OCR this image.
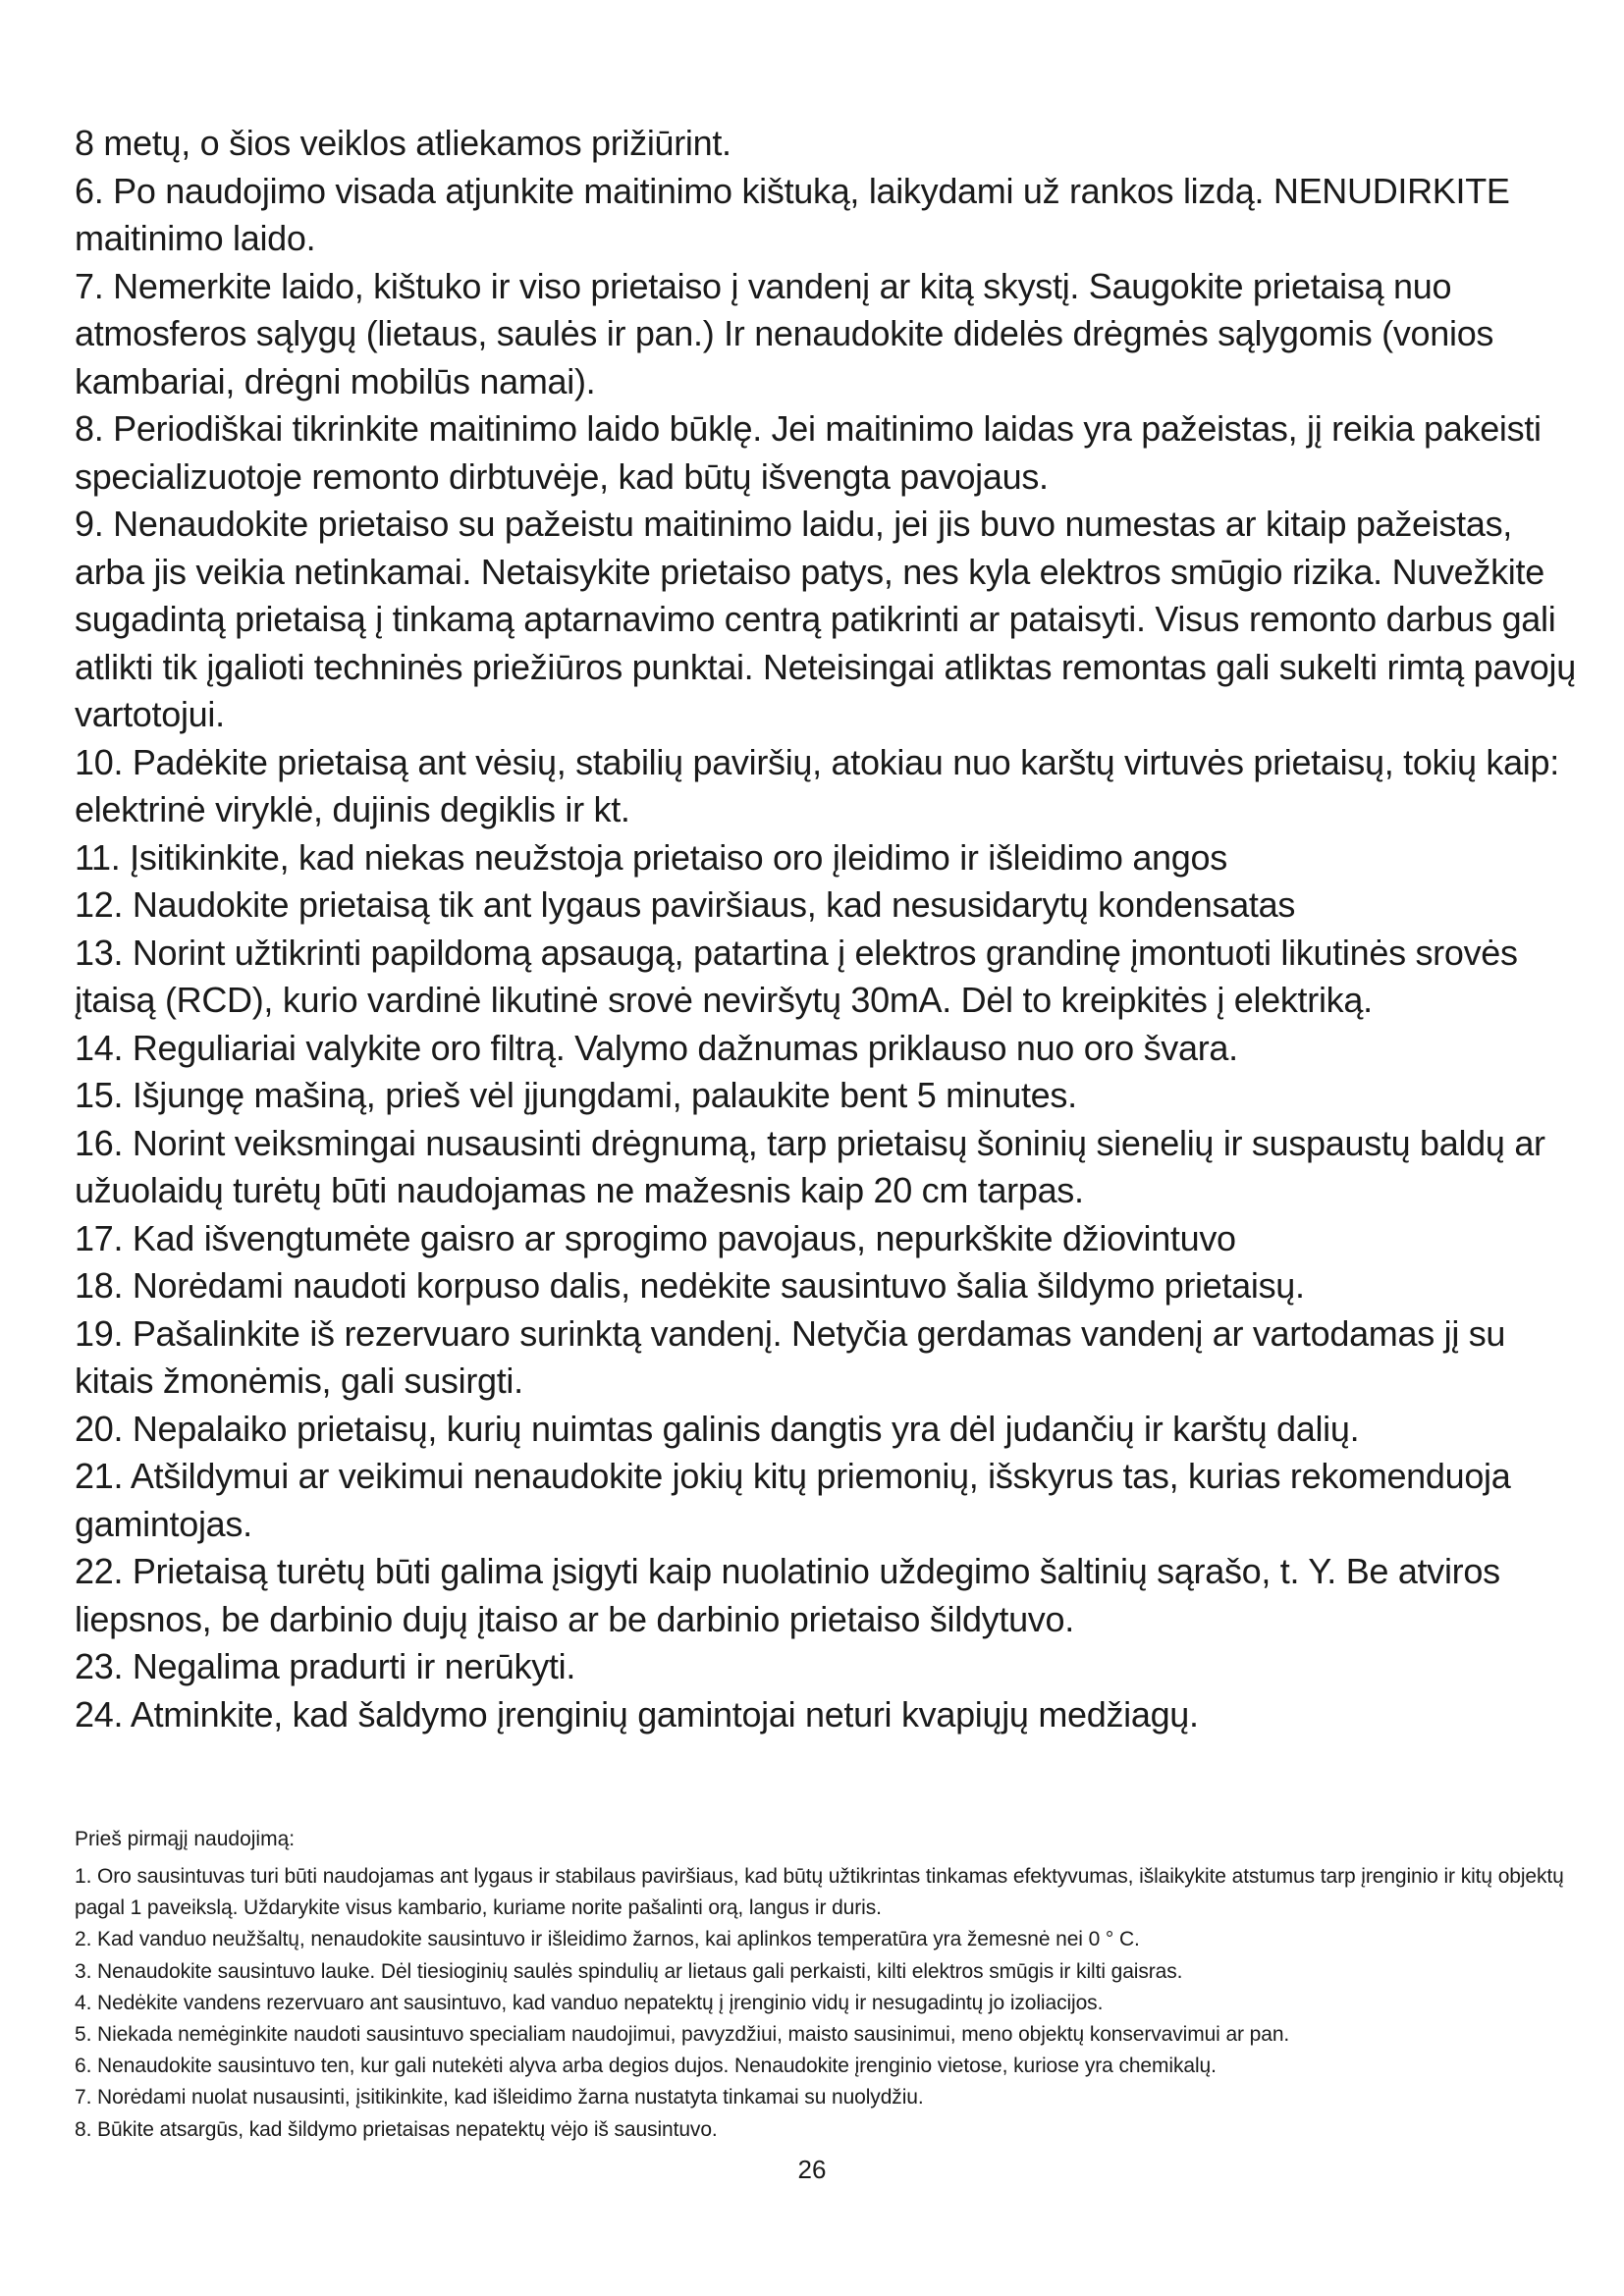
8 metų, o šios veiklos atliekamos prižiūrint.

6. Po naudojimo visada atjunkite maitinimo kištuką, laikydami už rankos lizdą. NENUDIRKITE maitinimo laido.

7. Nemerkite laido, kištuko ir viso prietaiso į vandenį ar kitą skystį. Saugokite prietaisą nuo atmosferos sąlygų (lietaus, saulės ir pan.) Ir nenaudokite didelės drėgmės sąlygomis (vonios kambariai, drėgni mobilūs namai).

8. Periodiškai tikrinkite maitinimo laido būklę. Jei maitinimo laidas yra pažeistas, jį reikia pakeisti specializuotoje remonto dirbtuvėje, kad būtų išvengta pavojaus.

9. Nenaudokite prietaiso su pažeistu maitinimo laidu, jei jis buvo numestas ar kitaip pažeistas, arba jis veikia netinkamai. Netaisykite prietaiso patys, nes kyla elektros smūgio rizika. Nuvežkite sugadintą prietaisą į tinkamą aptarnavimo centrą patikrinti ar pataisyti. Visus remonto darbus gali atlikti tik įgalioti techninės priežiūros punktai. Neteisingai atliktas remontas gali sukelti rimtą pavojų vartotojui.

10. Padėkite prietaisą ant vėsių, stabilių paviršių, atokiau nuo karštų virtuvės prietaisų, tokių kaip: elektrinė viryklė, dujinis degiklis ir kt.

11. Įsitikinkite, kad niekas neužstoja prietaiso oro įleidimo ir išleidimo angos

12. Naudokite prietaisą tik ant lygaus paviršiaus, kad nesusidarytų kondensatas

13. Norint užtikrinti papildomą apsaugą, patartina į elektros grandinę įmontuoti likutinės srovės įtaisą (RCD), kurio vardinė likutinė srovė neviršytų 30mA. Dėl to kreipkitės į elektriką.

14. Reguliariai valykite oro filtrą. Valymo dažnumas priklauso nuo oro švara.

15. Išjungę mašiną, prieš vėl įjungdami, palaukite bent 5 minutes.

16. Norint veiksmingai nusausinti drėgnumą, tarp prietaisų šoninių sienelių ir suspaustų baldų ar užuolaidų turėtų būti naudojamas ne mažesnis kaip 20 cm tarpas.

17. Kad išvengtumėte gaisro ar sprogimo pavojaus, nepurkškite džiovintuvo

18. Norėdami naudoti korpuso dalis, nedėkite sausintuvo šalia šildymo prietaisų.

19. Pašalinkite iš rezervuaro surinktą vandenį. Netyčia gerdamas vandenį ar vartodamas jį su kitais žmonėmis, gali susirgti.

20. Nepalaiko prietaisų, kurių nuimtas galinis dangtis yra dėl judančių ir karštų dalių.

21. Atšildymui ar veikimui nenaudokite jokių kitų priemonių, išskyrus tas, kurias rekomenduoja gamintojas.

22. Prietaisą turėtų būti galima įsigyti kaip nuolatinio uždegimo šaltinių sąrašo, t. Y. Be atviros liepsnos, be darbinio dujų įtaiso ar be darbinio prietaiso šildytuvo.

23. Negalima pradurti ir nerūkyti.

24. Atminkite, kad šaldymo įrenginių gamintojai neturi kvapiųjų medžiagų.

Prieš pirmąjį naudojimą:

1. Oro sausintuvas turi būti naudojamas ant lygaus ir stabilaus paviršiaus, kad būtų užtikrintas tinkamas efektyvumas, išlaikykite atstumus tarp įrenginio ir kitų objektų pagal 1 paveikslą. Uždarykite visus kambario, kuriame norite pašalinti orą, langus ir duris.

2. Kad vanduo neužšaltų, nenaudokite sausintuvo ir išleidimo žarnos, kai aplinkos temperatūra yra žemesnė nei 0 ° C.

3. Nenaudokite sausintuvo lauke. Dėl tiesioginių saulės spindulių ar lietaus gali perkaisti, kilti elektros smūgis ir kilti gaisras.

4. Nedėkite vandens rezervuaro ant sausintuvo, kad vanduo nepatektų į įrenginio vidų ir nesugadintų jo izoliacijos.

5. Niekada nemėginkite naudoti sausintuvo specialiam naudojimui, pavyzdžiui, maisto sausinimui, meno objektų konservavimui ar pan.

6. Nenaudokite sausintuvo ten, kur gali nutekėti alyva arba degios dujos. Nenaudokite įrenginio vietose, kuriose yra chemikalų.

7. Norėdami nuolat nusausinti, įsitikinkite, kad išleidimo žarna nustatyta tinkamai su nuolydžiu.

8. Būkite atsargūs, kad šildymo prietaisas nepatektų vėjo iš sausintuvo.

26
